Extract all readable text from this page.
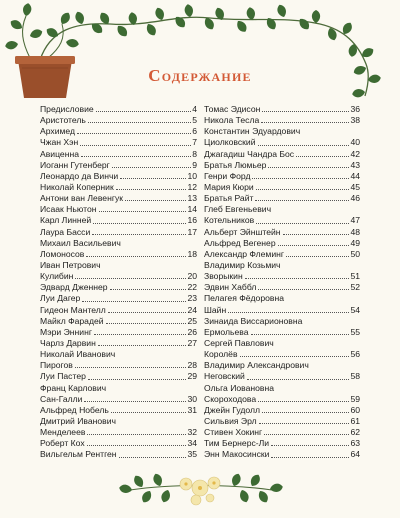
Содержание
Предисловие	4
Аристотель	5
Архимед	6
Чжан Хэн	7
Авиценна	8
Иоганн Гутенберг	9
Леонардо да Винчи	10
Николай Коперник	12
Антони ван Левенгук	13
Исаак Ньютон	14
Карл Линней	16
Лаура Басси	17
Михаил Васильевич
Ломоносов	18
Иван Петрович
Кулибин	20
Эдвард Дженнер	22
Луи Дагер	23
Гидеон Мантелл	24
Майкл Фарадей	25
Мэри Эннинг	26
Чарлз Дарвин	27
Николай Иванович
Пирогов	28
Луи Пастер	29
Франц Карлович
Сан-Галли	30
Альфред Нобель	31
Дмитрий Иванович
Менделеев	32
Роберт Кох	34
Вильгельм Рентген	35
Томас Эдисон	36
Никола Тесла	38
Константин Эдуардович
Циолковский	40
Джагадиш Чандра Бос	42
Братья Люмьер	43
Генри Форд	44
Мария Кюри	45
Братья Райт	46
Глеб Евгеньевич
Котельников	47
Альберт Эйнштейн	48
Альфред Вегенер	49
Александр Флеминг	50
Владимир Козьмич
Зворыкин	51
Эдвин Хаббл	52
Пелагея Фёдоровна
Шайн	54
Зинаида Виссарионовна
Ермольева	55
Сергей Павлович
Королёв	56
Владимир Александрович
Неговский	58
Ольга Иовановна
Скороходова	59
Джейн Гудолл	60
Сильвия Эрл	61
Стивен Хокинг	62
Тим Бернерс-Ли	63
Энн Макосински	64
